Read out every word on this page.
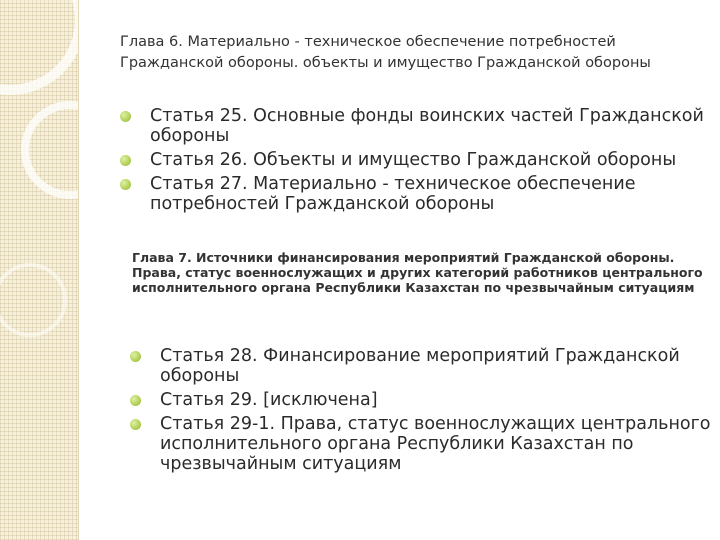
Глава 6. Материально - техническое обеспечение потребностей Гражданской обороны. объекты и имущество Гражданской обороны
Статья 25. Основные фонды воинских частей Гражданской обороны
Статья 26. Объекты и имущество Гражданской обороны
Статья 27. Материально - техническое обеспечение потребностей Гражданской обороны
Глава 7. Источники финансирования мероприятий Гражданской обороны. Права, статус военнослужащих и других категорий работников центрального исполнительного органа Республики Казахстан по чрезвычайным ситуациям
Статья 28. Финансирование мероприятий Гражданской обороны
Статья 29. [исключена]
Статья 29-1. Права, статус военнослужащих центрального исполнительного органа Республики Казахстан по чрезвычайным ситуациям
